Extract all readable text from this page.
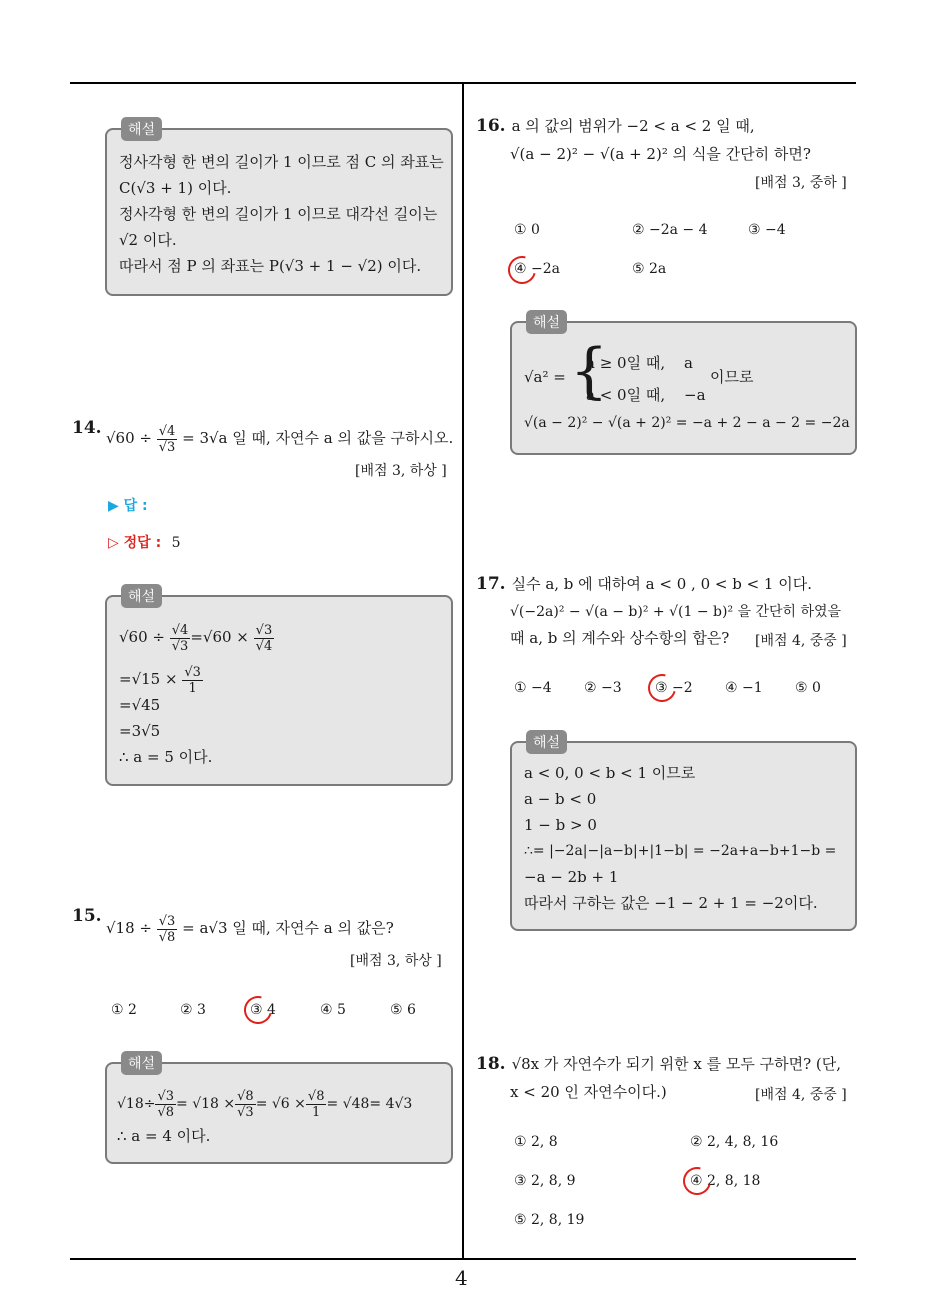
4
해설
정사각형 한 변의 길이가 1 이므로 점 C 의 좌표는
C(√3 + 1) 이다.
정사각형 한 변의 길이가 1 이므로 대각선 길이는
√2 이다.
따라서 점 P 의 좌표는 P(√3 + 1 − √2) 이다.
14. $√60 \div \frac{√4}{√3} = 3√a$ 일 때, 자연수 a 의 값을 구하시오.
[배점 3, 하상 ]
▶ 답 :
▷ 정답 : 5
해설
$√60 \div \frac{√4}{√3} =√60 \times \frac{√3}{√4}$
$=√15 \times \frac{√3}{1}$
=√45
=3√5
∴ a = 5 이다.
15.
$√18 \div \frac{√3}{√8} = a√3$ 일 때, 자연수 a 의 값은?
[배점 3, 하상 ]
① 2	② 3	③ 4	④ 5	⑤ 6
해설
$√18\div \frac{√3}{√8} = √18 \times \frac{√8}{√3} = √6 \times \frac{√8}{1} = √48= 4√3$
∴ a = 4 이다.
16. a 의 값의 범위가 −2 < a < 2 일 때,
√(a − 2)² − √(a + 2)² 의 식을 간단히 하면?
[배점 3, 중하 ]
① 0	② −2a − 4	③ −4
④ −2a	⑤ 2a
해설
√a² = {
a ≥ 0일 때, a
a < 0일 때, −a
이므로
√(a − 2)² − √(a + 2)² = −a + 2 − a − 2 = −2a
17. 실수 a, b 에 대하여 a < 0 , 0 < b < 1 이다.
√(−2a)² − √(a − b)² + √(1 − b)² 을 간단히 하였을
때 a, b 의 계수와 상수항의 합은? [배점 4, 중중 ]
① −4 ② −3 ③ −2 ④ −1 ⑤ 0
해설
a < 0, 0 < b < 1 이므로
a − b < 0
1 − b > 0
∴= |−2a|−|a−b|+|1−b| = −2a+a−b+1−b =
−a − 2b + 1
따라서 구하는 값은 −1 − 2 + 1 = −2이다.
18. √8x 가 자연수가 되기 위한 x 를 모두 구하면? (단,
x < 20 인 자연수이다.)	[배점 4, 중중 ]
① 2, 8	② 2, 4, 8, 16
③ 2, 8, 9	④ 2, 8, 18
⑤ 2, 8, 19
